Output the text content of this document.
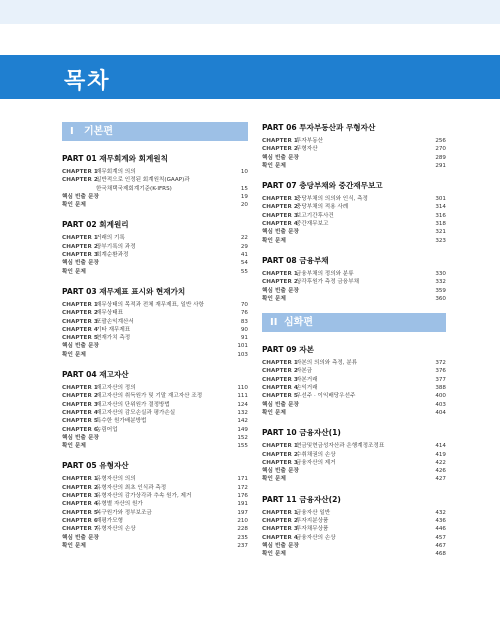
목차
I 기본편
PART 01 재무회계와 회계원칙
CHAPTER 1재무회계의 의의	10
CHAPTER 2일반적으로 인정된 회계원칙(GAAP)과
한국채택국제회계기준(K-IFRS)	15
핵심 빈출 문장	19
확인 문제	20
PART 02 회계원리
CHAPTER 1거래의 기록	22
CHAPTER 2장부기록의 과정	29
CHAPTER 3회계순환과정	41
핵심 빈출 문장	54
확인 문제	55
PART 03 재무제표 표시와 현재가치
CHAPTER 1재무상태의 목적과 전체 재무제표, 일반 사항	70
CHAPTER 2재무상태표	76
CHAPTER 3포괄손익계산서	83
CHAPTER 4기타 재무제표	90
CHAPTER 5현재가치 측정	91
핵심 빈출 문장	101
확인 문제	103
PART 04 재고자산
CHAPTER 1재고자산의 정의	110
CHAPTER 2재고자산의 취득원가 및 기말 재고자산 조정	111
CHAPTER 3재고자산의 단위원가 결정방법	124
CHAPTER 4재고자산의 감모손실과 평가손실	132
CHAPTER 5특수한 원가배분방법	142
CHAPTER 6농림어업	149
핵심 빈출 문장	152
확인 문제	155
PART 05 유형자산
CHAPTER 1유형자산의 의의	171
CHAPTER 2유형자산의 최초 인식과 측정	172
CHAPTER 3유형자산의 감가상각과 추속 원가, 제거	176
CHAPTER 4유형별 자산의 원가	191
CHAPTER 5복구원가와 정부보조금	197
CHAPTER 6재평가모형	210
CHAPTER 7유형자산의 손상	228
핵심 빈출 문장	235
확인 문제	237
PART 06 투자부동산과 무형자산
CHAPTER 1투자부동산	256
CHAPTER 2무형자산	270
핵심 빈출 문장	289
확인 문제	291
PART 07 충당부채와 중간재무보고
CHAPTER 1충당부채의 의의와 인식, 측정	301
CHAPTER 2충당부채의 적용 사례	314
CHAPTER 3보고기간후사건	316
CHAPTER 4중간재무보고	318
핵심 빈출 문장	321
확인 문제	323
PART 08 금융부채
CHAPTER 1금융부채의 정의와 분류	330
CHAPTER 2상각후원가 측정 금융부채	332
핵심 빈출 문장	359
확인 문제	360
II 심화편
PART 09 자본
CHAPTER 1자본의 의의와 측정, 분류	372
CHAPTER 2자본금	376
CHAPTER 3자본거래	377
CHAPTER 4손익거래	388
CHAPTER 5우선주 · 이익배당우선주	400
핵심 빈출 문장	403
확인 문제	404
PART 10 금융자산(1)
CHAPTER 1현금및현금성자산과 은행계정조정표	414
CHAPTER 2수취채권의 손상	419
CHAPTER 3금융자산의 제거	422
핵심 빈출 문장	426
확인 문제	427
PART 11 금융자산(2)
CHAPTER 1금융자산 일반	432
CHAPTER 2투자지분상품	436
CHAPTER 3투자채무상품	446
CHAPTER 4금융자산의 손상	457
핵심 빈출 문장	467
확인 문제	468
